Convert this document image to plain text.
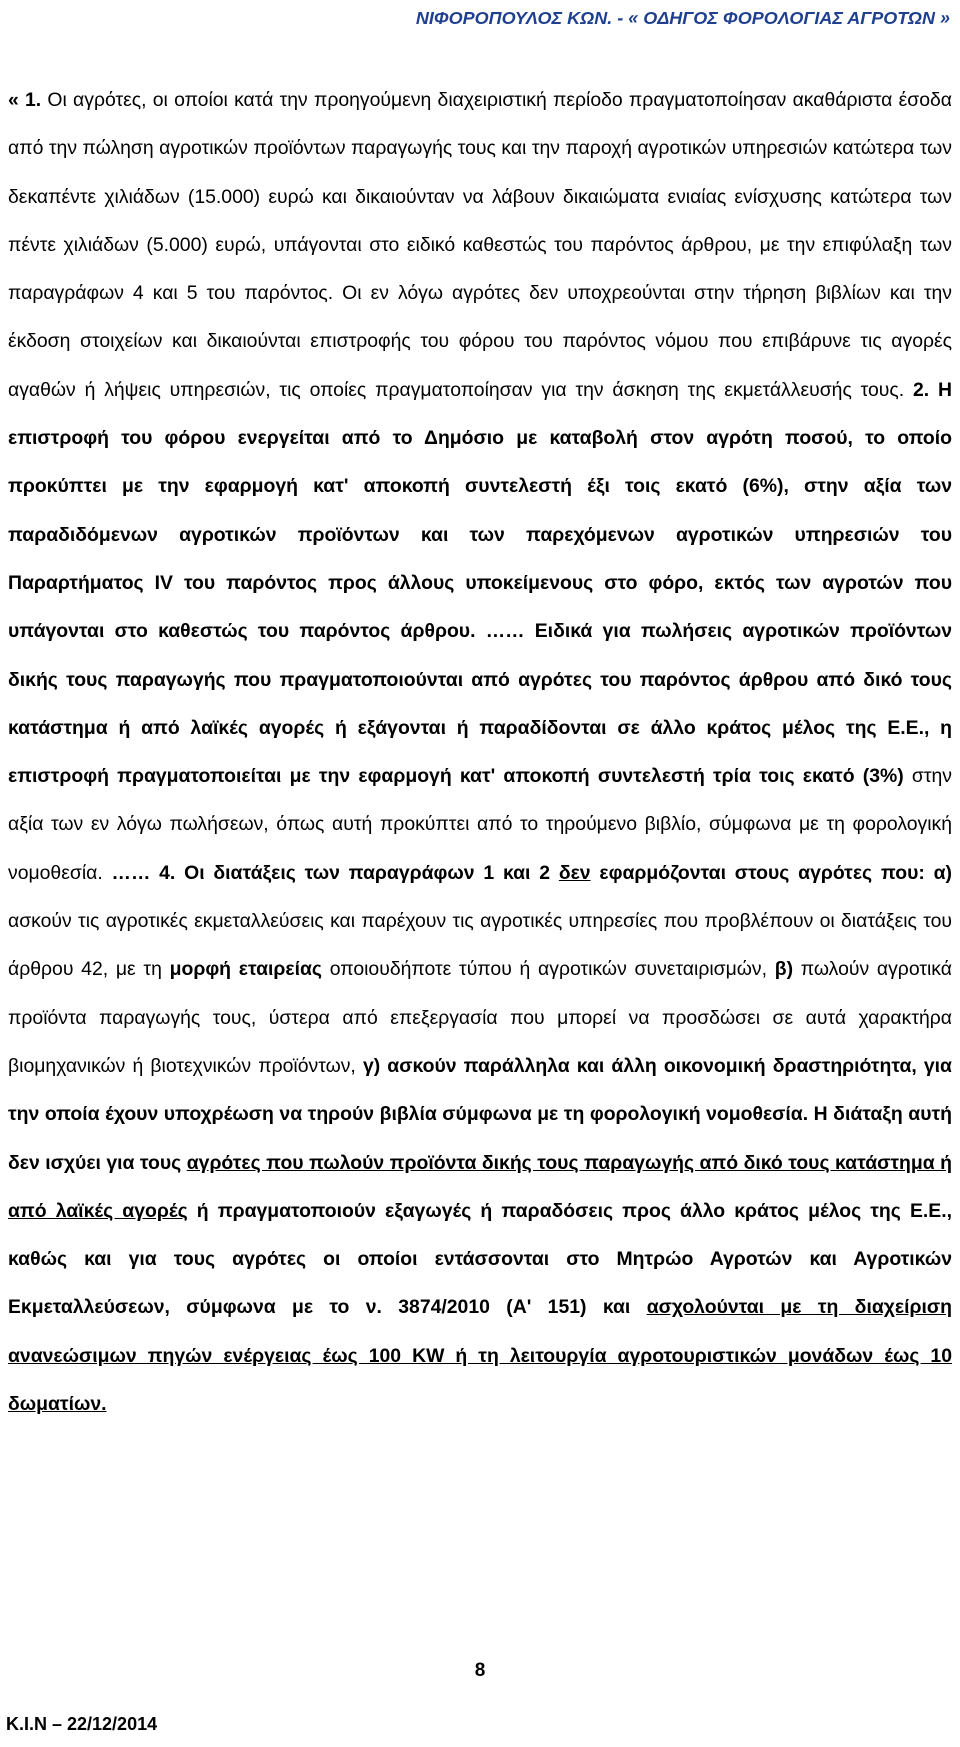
ΝΙΦΟΡΟΠΟΥΛΟΣ ΚΩΝ. - « ΟΔΗΓΟΣ ΦΟΡΟΛΟΓΙΑΣ ΑΓΡΟΤΩΝ »
« 1. Οι αγρότες, οι οποίοι κατά την προηγούμενη διαχειριστική περίοδο πραγματοποίησαν ακαθάριστα έσοδα από την πώληση αγροτικών προϊόντων παραγωγής τους και την παροχή αγροτικών υπηρεσιών κατώτερα των δεκαπέντε χιλιάδων (15.000) ευρώ και δικαιούνταν να λάβουν δικαιώματα ενιαίας ενίσχυσης κατώτερα των πέντε χιλιάδων (5.000) ευρώ, υπάγονται στο ειδικό καθεστώς του παρόντος άρθρου, με την επιφύλαξη των παραγράφων 4 και 5 του παρόντος. Οι εν λόγω αγρότες δεν υποχρεούνται στην τήρηση βιβλίων και την έκδοση στοιχείων και δικαιούνται επιστροφής του φόρου του παρόντος νόμου που επιβάρυνε τις αγορές αγαθών ή λήψεις υπηρεσιών, τις οποίες πραγματοποίησαν για την άσκηση της εκμετάλλευσής τους. 2. Η επιστροφή του φόρου ενεργείται από το Δημόσιο με καταβολή στον αγρότη ποσού, το οποίο προκύπτει με την εφαρμογή κατ' αποκοπή συντελεστή έξι τοις εκατό (6%), στην αξία των παραδιδόμενων αγροτικών προϊόντων και των παρεχόμενων αγροτικών υπηρεσιών του Παραρτήματος IV του παρόντος προς άλλους υποκείμενους στο φόρο, εκτός των αγροτών που υπάγονται στο καθεστώς του παρόντος άρθρου. …… Ειδικά για πωλήσεις αγροτικών προϊόντων δικής τους παραγωγής που πραγματοποιούνται από αγρότες του παρόντος άρθρου από δικό τους κατάστημα ή από λαϊκές αγορές ή εξάγονται ή παραδίδονται σε άλλο κράτος μέλος της Ε.Ε., η επιστροφή πραγματοποιείται με την εφαρμογή κατ' αποκοπή συντελεστή τρία τοις εκατό (3%) στην αξία των εν λόγω πωλήσεων, όπως αυτή προκύπτει από το τηρούμενο βιβλίο, σύμφωνα με τη φορολογική νομοθεσία. …… 4. Οι διατάξεις των παραγράφων 1 και 2 δεν εφαρμόζονται στους αγρότες που: α) ασκούν τις αγροτικές εκμεταλλεύσεις και παρέχουν τις αγροτικές υπηρεσίες που προβλέπουν οι διατάξεις του άρθρου 42, με τη μορφή εταιρείας οποιουδήποτε τύπου ή αγροτικών συνεταιρισμών, β) πωλούν αγροτικά προϊόντα παραγωγής τους, ύστερα από επεξεργασία που μπορεί να προσδώσει σε αυτά χαρακτήρα βιομηχανικών ή βιοτεχνικών προϊόντων, γ) ασκούν παράλληλα και άλλη οικονομική δραστηριότητα, για την οποία έχουν υποχρέωση να τηρούν βιβλία σύμφωνα με τη φορολογική νομοθεσία. Η διάταξη αυτή δεν ισχύει για τους αγρότες που πωλούν προϊόντα δικής τους παραγωγής από δικό τους κατάστημα ή από λαϊκές αγορές ή πραγματοποιούν εξαγωγές ή παραδόσεις προς άλλο κράτος μέλος της Ε.Ε., καθώς και για τους αγρότες οι οποίοι εντάσσονται στο Μητρώο Αγροτών και Αγροτικών Εκμεταλλεύσεων, σύμφωνα με το ν. 3874/2010 (Α' 151) και ασχολούνται με τη διαχείριση ανανεώσιμων πηγών ενέργειας έως 100 KW ή τη λειτουργία αγροτουριστικών μονάδων έως 10 δωματίων.
8
K.I.N – 22/12/2014
